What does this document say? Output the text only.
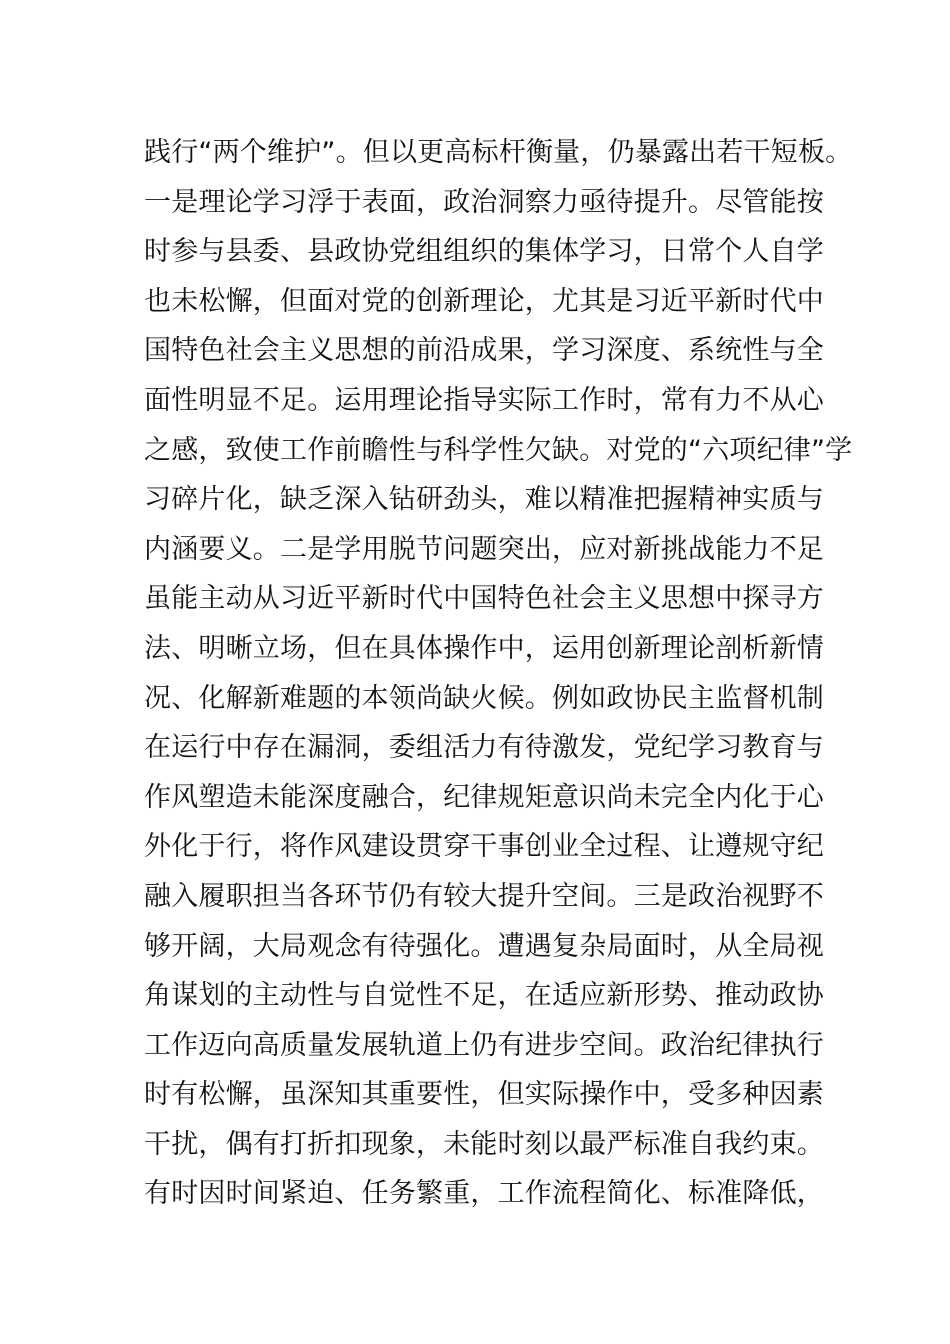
践行“两个维护”。但以更高标杆衡量，仍暴露出若干短板。
一是理论学习浮于表面，政治洞察力亟待提升。尽管能按
时参与县委、县政协党组组织的集体学习，日常个人自学
也未松懈，但面对党的创新理论，尤其是习近平新时代中
国特色社会主义思想的前沿成果，学习深度、系统性与全
面性明显不足。运用理论指导实际工作时，常有力不从心
之感，致使工作前瞻性与科学性欠缺。对党的“六项纪律”学
习碎片化，缺乏深入钻研劲头，难以精准把握精神实质与
内涵要义。二是学用脱节问题突出，应对新挑战能力不足
虽能主动从习近平新时代中国特色社会主义思想中探寻方
法、明晰立场，但在具体操作中，运用创新理论剖析新情
况、化解新难题的本领尚缺火候。例如政协民主监督机制
在运行中存在漏洞，委组活力有待激发，党纪学习教育与
作风塑造未能深度融合，纪律规矩意识尚未完全内化于心
外化于行，将作风建设贯穿干事创业全过程、让遵规守纪
融入履职担当各环节仍有较大提升空间。三是政治视野不
够开阔，大局观念有待强化。遭遇复杂局面时，从全局视
角谋划的主动性与自觉性不足，在适应新形势、推动政协
工作迈向高质量发展轨道上仍有进步空间。政治纪律执行
时有松懈，虽深知其重要性，但实际操作中，受多种因素
干扰，偶有打折扣现象，未能时刻以最严标准自我约束。
有时因时间紧迫、任务繁重，工作流程简化、标准降低，
